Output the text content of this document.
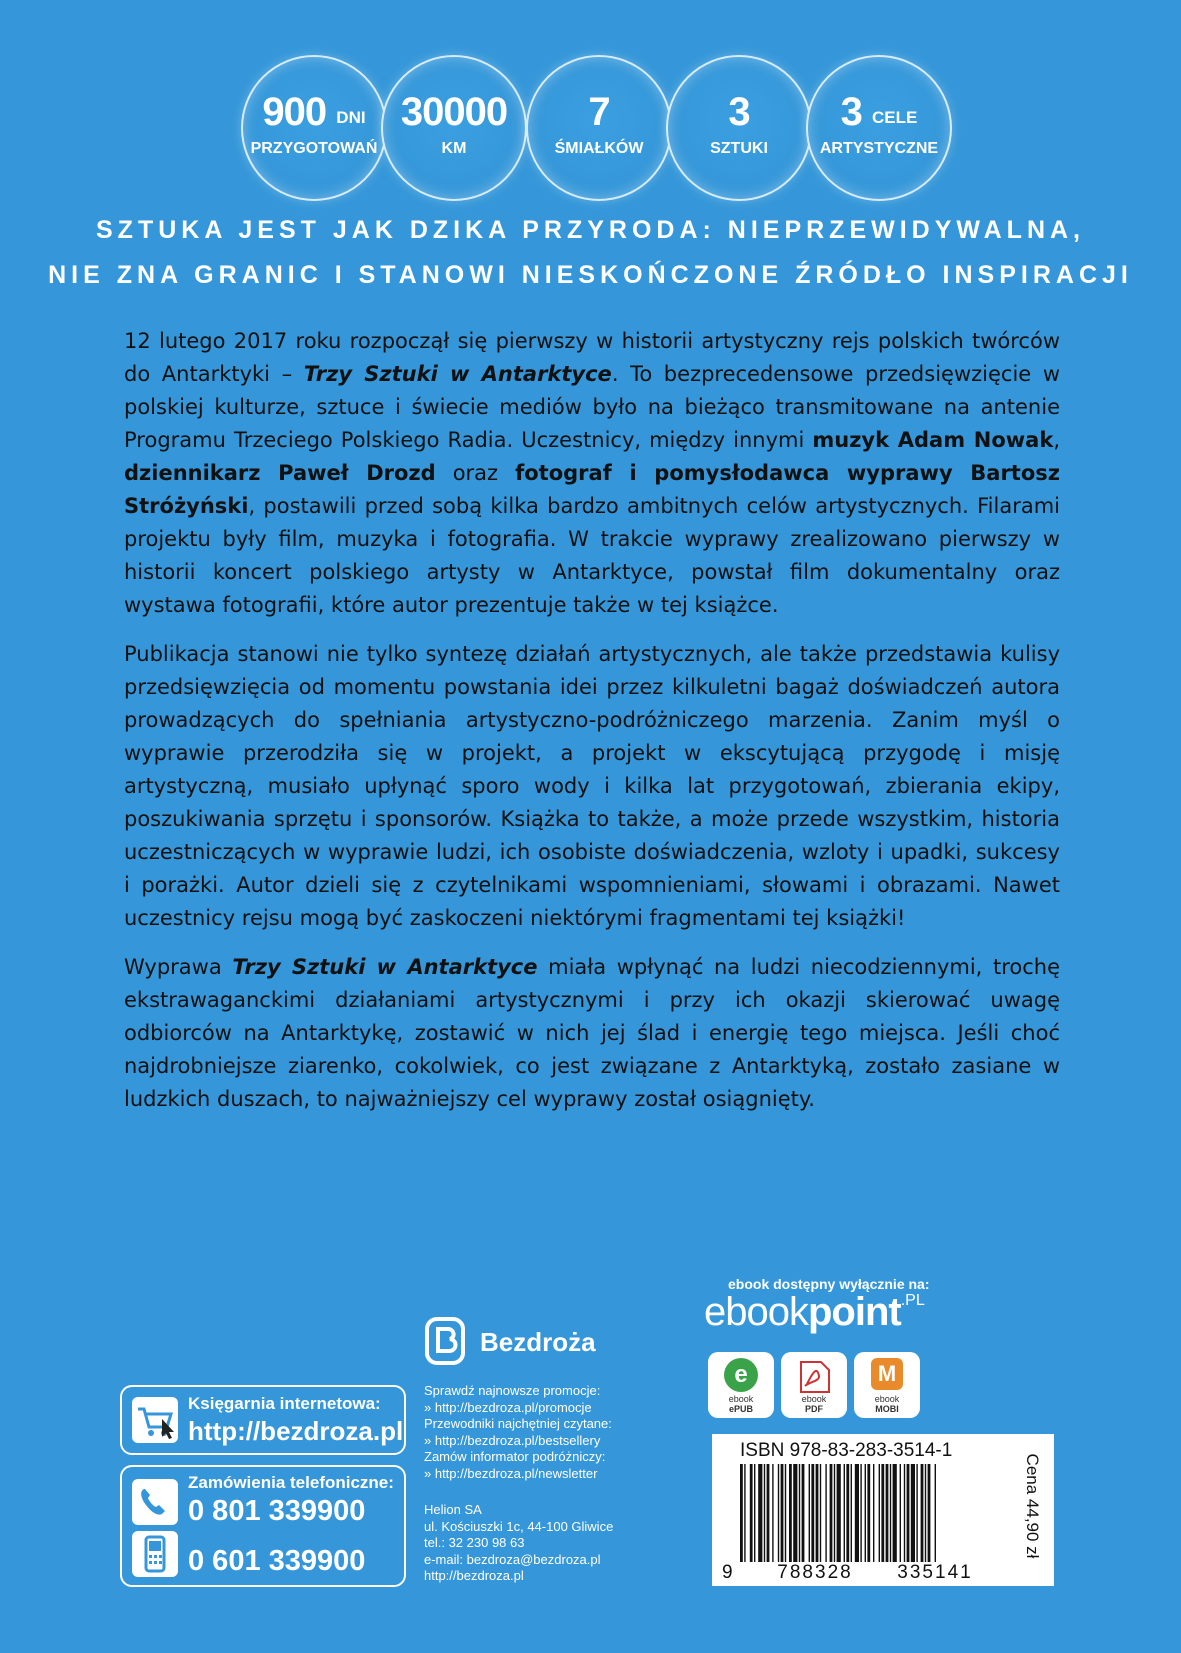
900 DNI
PRZYGOTOWAŃ
30000
KM
7
ŚMIAŁKÓW
3
SZTUKI
3 CELE
ARTYSTYCZNE
SZTUKA JEST JAK DZIKA PRZYRODA: NIEPRZEWIDYWALNA,
NIE ZNA GRANIC I STANOWI NIESKOŃCZONE ŹRÓDŁO INSPIRACJI

12 lutego 2017 roku rozpoczął się pierwszy w historii artystyczny rejs polskich twórców do Antarktyki – Trzy Sztuki w Antarktyce. To bezprecedensowe przedsięwzięcie w polskiej kulturze, sztuce i świecie mediów było na bieżąco transmitowane na antenie Programu Trzeciego Polskiego Radia. Uczestnicy, między innymi muzyk Adam Nowak, dziennikarz Paweł Drozd oraz fotograf i pomysłodawca wyprawy Bartosz Stróżyński, postawili przed sobą kilka bardzo ambitnych celów artystycznych. Filarami projektu były film, muzyka i fotografia. W trakcie wyprawy zrealizowano pierwszy w historii koncert polskiego artysty w Antarktyce, powstał film dokumentalny oraz wystawa fotografii, które autor prezentuje także w tej książce.

Publikacja stanowi nie tylko syntezę działań artystycznych, ale także przedstawia kulisy przedsięwzięcia od momentu powstania idei przez kilkuletni bagaż doświadczeń autora prowadzących do spełniania artystyczno-podróżniczego marzenia. Zanim myśl o wyprawie przerodziła się w projekt, a projekt w ekscytującą przygodę i misję artystyczną, musiało upłynąć sporo wody i kilka lat przygotowań, zbierania ekipy, poszukiwania sprzętu i sponsorów. Książka to także, a może przede wszystkim, historia uczestniczących w wyprawie ludzi, ich osobiste doświadczenia, wzloty i upadki, sukcesy i porażki. Autor dzieli się z czytelnikami wspomnieniami, słowami i obrazami. Nawet uczestnicy rejsu mogą być zaskoczeni niektórymi fragmentami tej książki!

Wyprawa Trzy Sztuki w Antarktyce miała wpłynąć na ludzi niecodziennymi, trochę ekstrawaganckimi działaniami artystycznymi i przy ich okazji skierować uwagę odbiorców na Antarktykę, zostawić w nich jej ślad i energię tego miejsca. Jeśli choć najdrobniejsze ziarenko, cokolwiek, co jest związane z Antarktyką, zostało zasiane w ludzkich duszach, to najważniejszy cel wyprawy został osiągnięty.

Księgarnia internetowa:
http://bezdroza.pl
Zamówienia telefoniczne:
0 801 339900
0 601 339900
Bezdroża
Sprawdź najnowsze promocje:
» http://bezdroza.pl/promocje
Przewodniki najchętniej czytane:
» http://bezdroza.pl/bestsellery
Zamów informator podróżniczy:
» http://bezdroza.pl/newsletter
Helion SA
ul. Kościuszki 1c, 44-100 Gliwice
tel.: 32 230 98 63
e-mail: bezdroza@bezdroza.pl
http://bezdroza.pl
ebook dostępny wyłącznie na:
ebookpoint$^{.PL}$
e
ebook
ePUB
ebook
PDF
M
ebook
MOBI
ISBN 978-83-283-3514-1
9	788328	335141
Cena 44,90 zł
